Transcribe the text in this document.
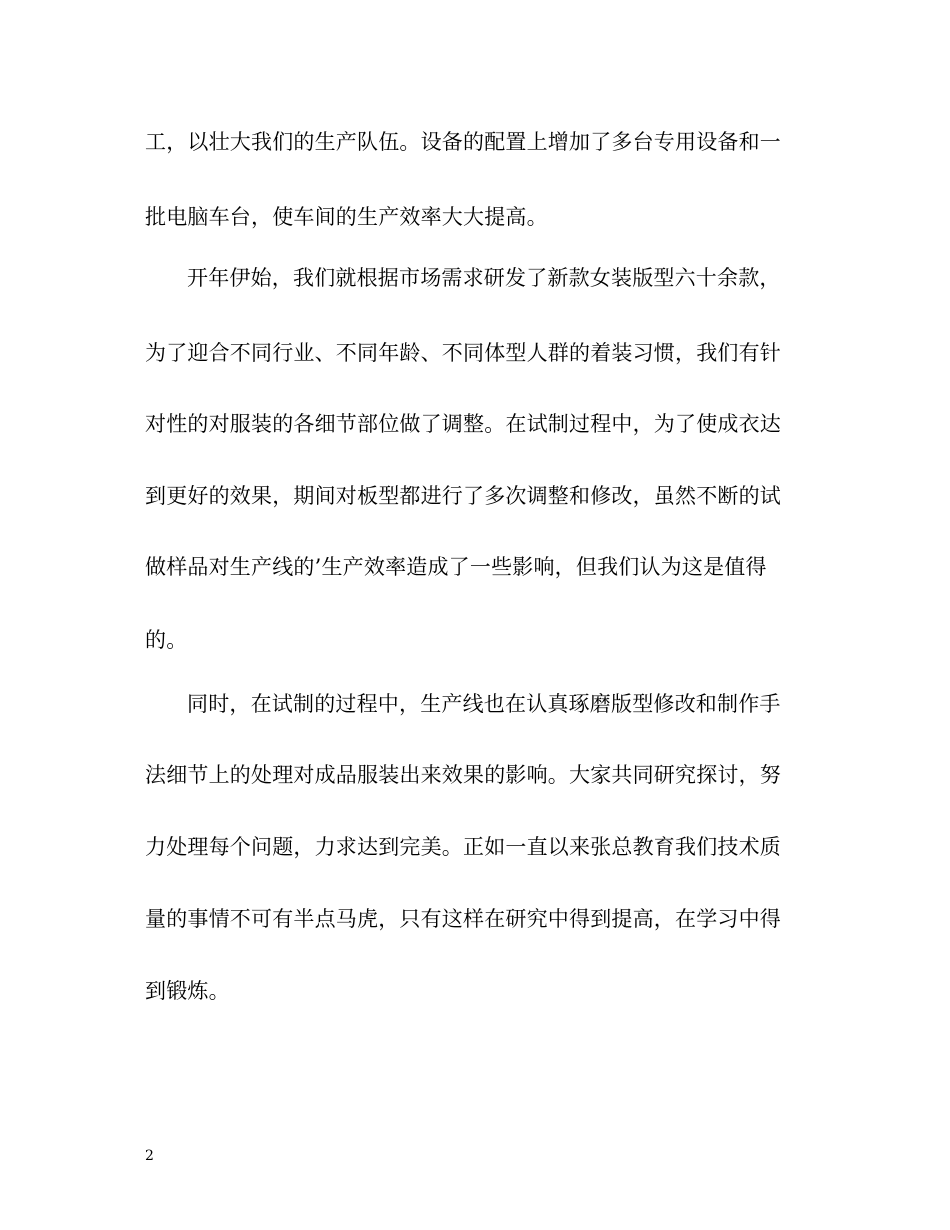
工，以壮大我们的生产队伍。设备的配置上增加了多台专用设备和一
批电脑车台，使车间的生产效率大大提高。
开年伊始，我们就根据市场需求研发了新款女装版型六十余款，
为了迎合不同行业、不同年龄、不同体型人群的着装习惯，我们有针
对性的对服装的各细节部位做了调整。在试制过程中，为了使成衣达
到更好的效果，期间对板型都进行了多次调整和修改，虽然不断的试
做样品对生产线的’生产效率造成了一些影响，但我们认为这是值得
的。
同时，在试制的过程中，生产线也在认真琢磨版型修改和制作手
法细节上的处理对成品服装出来效果的影响。大家共同研究探讨，努
力处理每个问题，力求达到完美。正如一直以来张总教育我们技术质
量的事情不可有半点马虎，只有这样在研究中得到提高，在学习中得
到锻炼。
2
